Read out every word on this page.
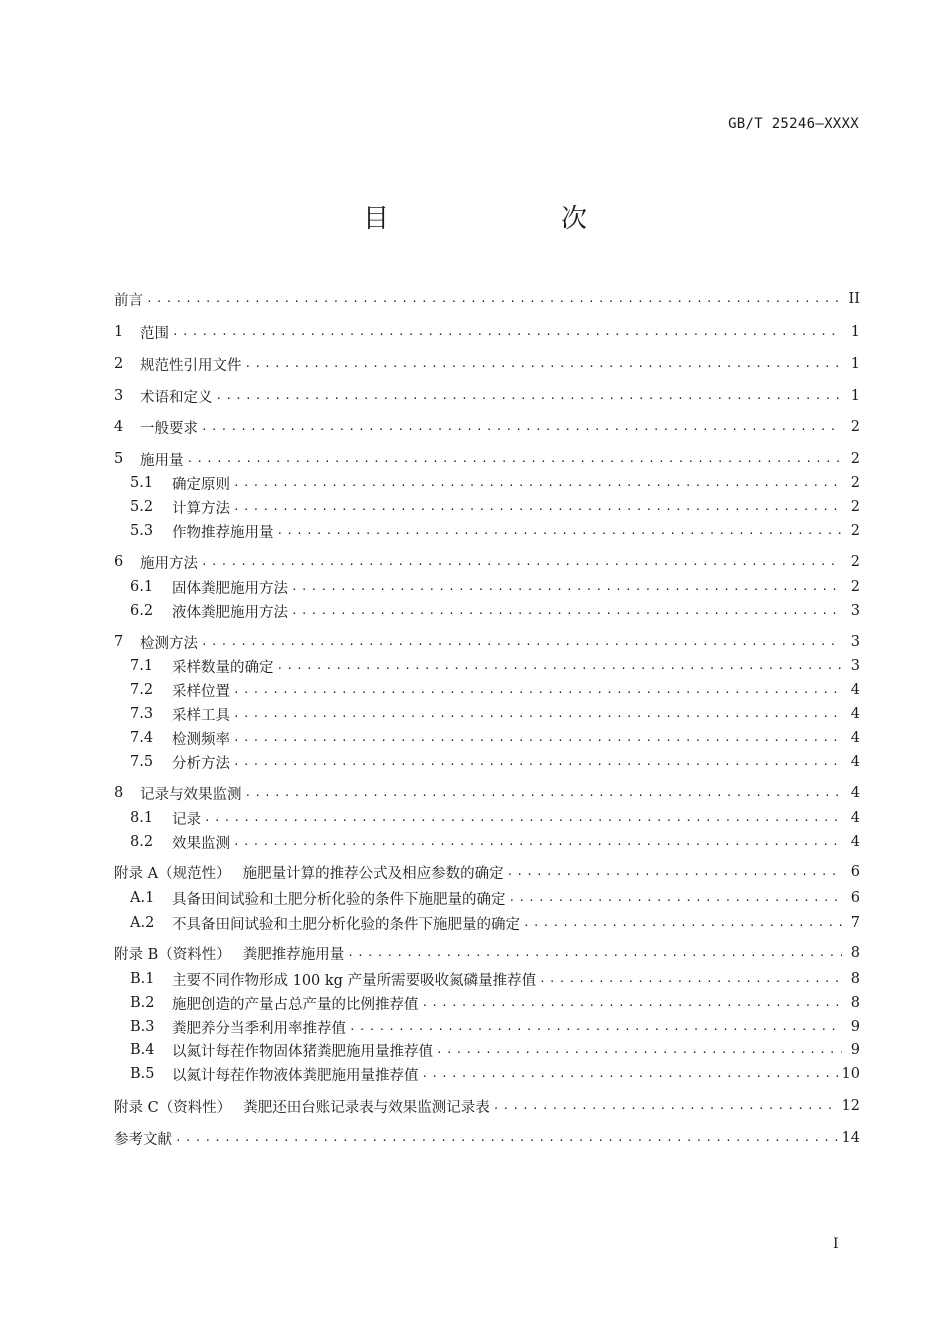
GB/T 25246—XXXX
目　　次
前言 .....	II
1	范围 .....	1
2	规范性引用文件 .....	1
3	术语和定义 .....	1
4	一般要求 .....	2
5	施用量 .....	2
5.1	确定原则 .....	2
5.2	计算方法 .....	2
5.3	作物推荐施用量 .....	2
6	施用方法 .....	2
6.1	固体粪肥施用方法 .....	2
6.2	液体粪肥施用方法 .....	3
7	检测方法 .....	3
7.1	采样数量的确定 .....	3
7.2	采样位置 .....	4
7.3	采样工具 .....	4
7.4	检测频率 .....	4
7.5	分析方法 .....	4
8	记录与效果监测 .....	4
8.1	记录 .....	4
8.2	效果监测 .....	4
附录 A（规范性） 施肥量计算的推荐公式及相应参数的确定 .....	6
A.1	具备田间试验和土肥分析化验的条件下施肥量的确定 .....	6
A.2	不具备田间试验和土肥分析化验的条件下施肥量的确定 .....	7
附录 B（资料性） 粪肥推荐施用量 .....	8
B.1	主要不同作物形成 100 kg 产量所需要吸收氮磷量推荐值 .....	8
B.2	施肥创造的产量占总产量的比例推荐值 .....	8
B.3	粪肥养分当季利用率推荐值 .....	9
B.4	以氮计每茬作物固体猪粪肥施用量推荐值 .....	9
B.5	以氮计每茬作物液体粪肥施用量推荐值 .....	10
附录 C（资料性） 粪肥还田台账记录表与效果监测记录表 .....	12
参考文献 .....	14
I
